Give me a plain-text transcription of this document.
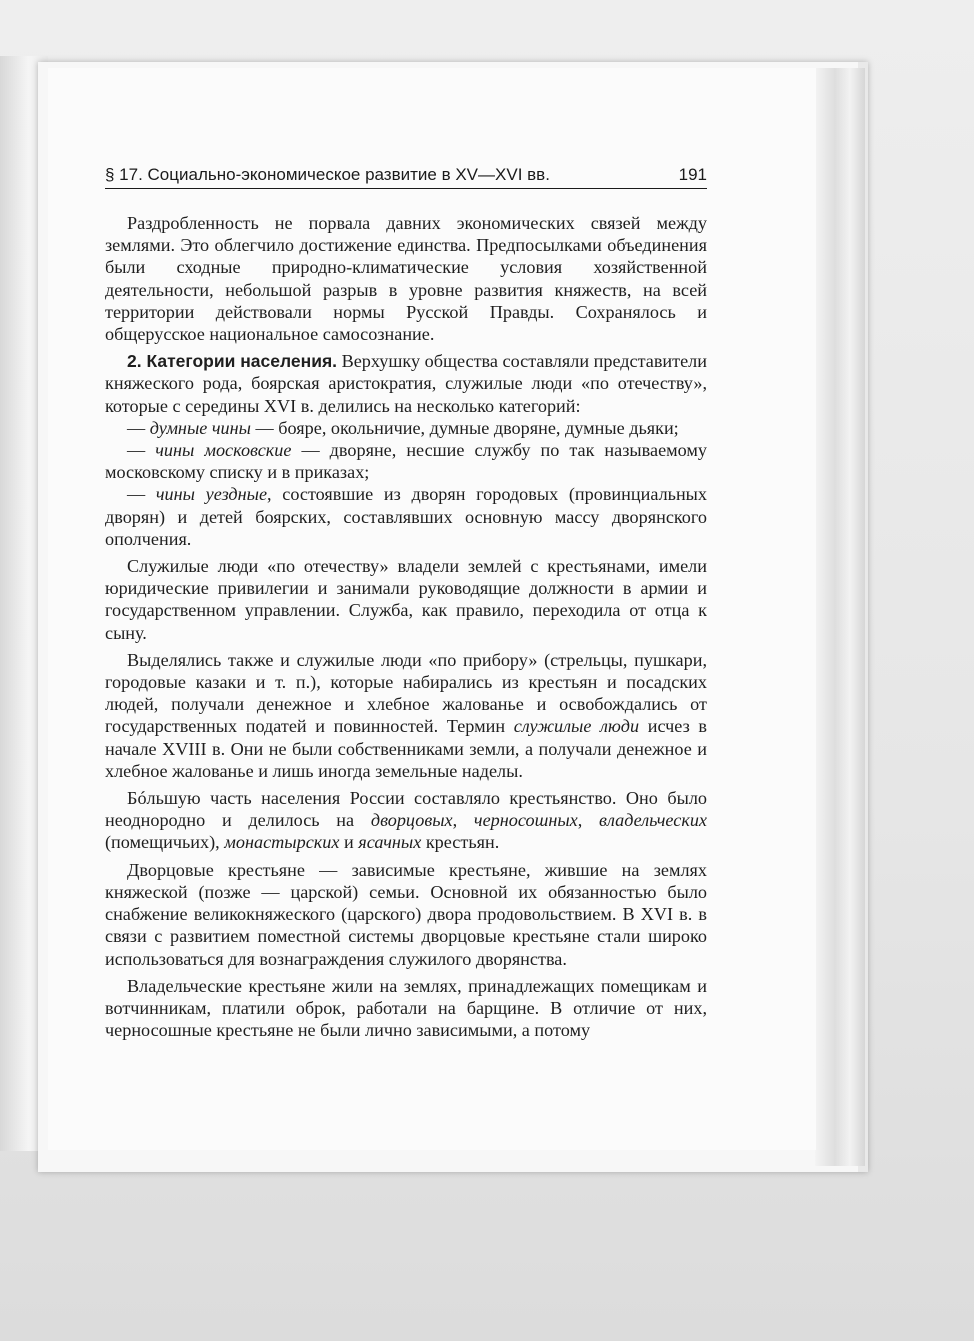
§ 17. Социально-экономическое развитие в XV—XVI вв.	191

Раздробленность не порвала давних экономических связей между землями. Это облегчило достижение единства. Предпосылками объединения были сходные природно-климатические условия хозяйственной деятельности, небольшой разрыв в уровне развития княжеств, на всей территории действовали нормы Русской Правды. Сохранялось и общерусское национальное самосознание.

2. Категории населения. Верхушку общества составляли представители княжеского рода, боярская аристократия, служилые люди «по отечеству», которые с середины XVI в. делились на несколько категорий:

— думные чины — бояре, окольничие, думные дворяне, думные дьяки;

— чины московские — дворяне, несшие службу по так называемому московскому списку и в приказах;

— чины уездные, состоявшие из дворян городовых (провинциальных дворян) и детей боярских, составлявших основную массу дворянского ополчения.

Служилые люди «по отечеству» владели землей с крестьянами, имели юридические привилегии и занимали руководящие должности в армии и государственном управлении. Служба, как правило, переходила от отца к сыну.

Выделялись также и служилые люди «по прибору» (стрельцы, пушкари, городовые казаки и т. п.), которые набирались из крестьян и посадских людей, получали денежное и хлебное жалованье и освобождались от государственных податей и повинностей. Термин служилые люди исчез в начале XVIII в. Они не были собственниками земли, а получали денежное и хлебное жалованье и лишь иногда земельные наделы.

Бóльшую часть населения России составляло крестьянство. Оно было неоднородно и делилось на дворцовых, черносошных, владельческих (помещичьих), монастырских и ясачных крестьян.

Дворцовые крестьяне — зависимые крестьяне, жившие на землях княжеской (позже — царской) семьи. Основной их обязанностью было снабжение великокняжеского (царского) двора продовольствием. В XVI в. в связи с развитием поместной системы дворцовые крестьяне стали широко использоваться для вознаграждения служилого дворянства.

Владельческие крестьяне жили на землях, принадлежащих помещикам и вотчинникам, платили оброк, работали на барщине. В отличие от них, черносошные крестьяне не были лично зависимыми, а потому
